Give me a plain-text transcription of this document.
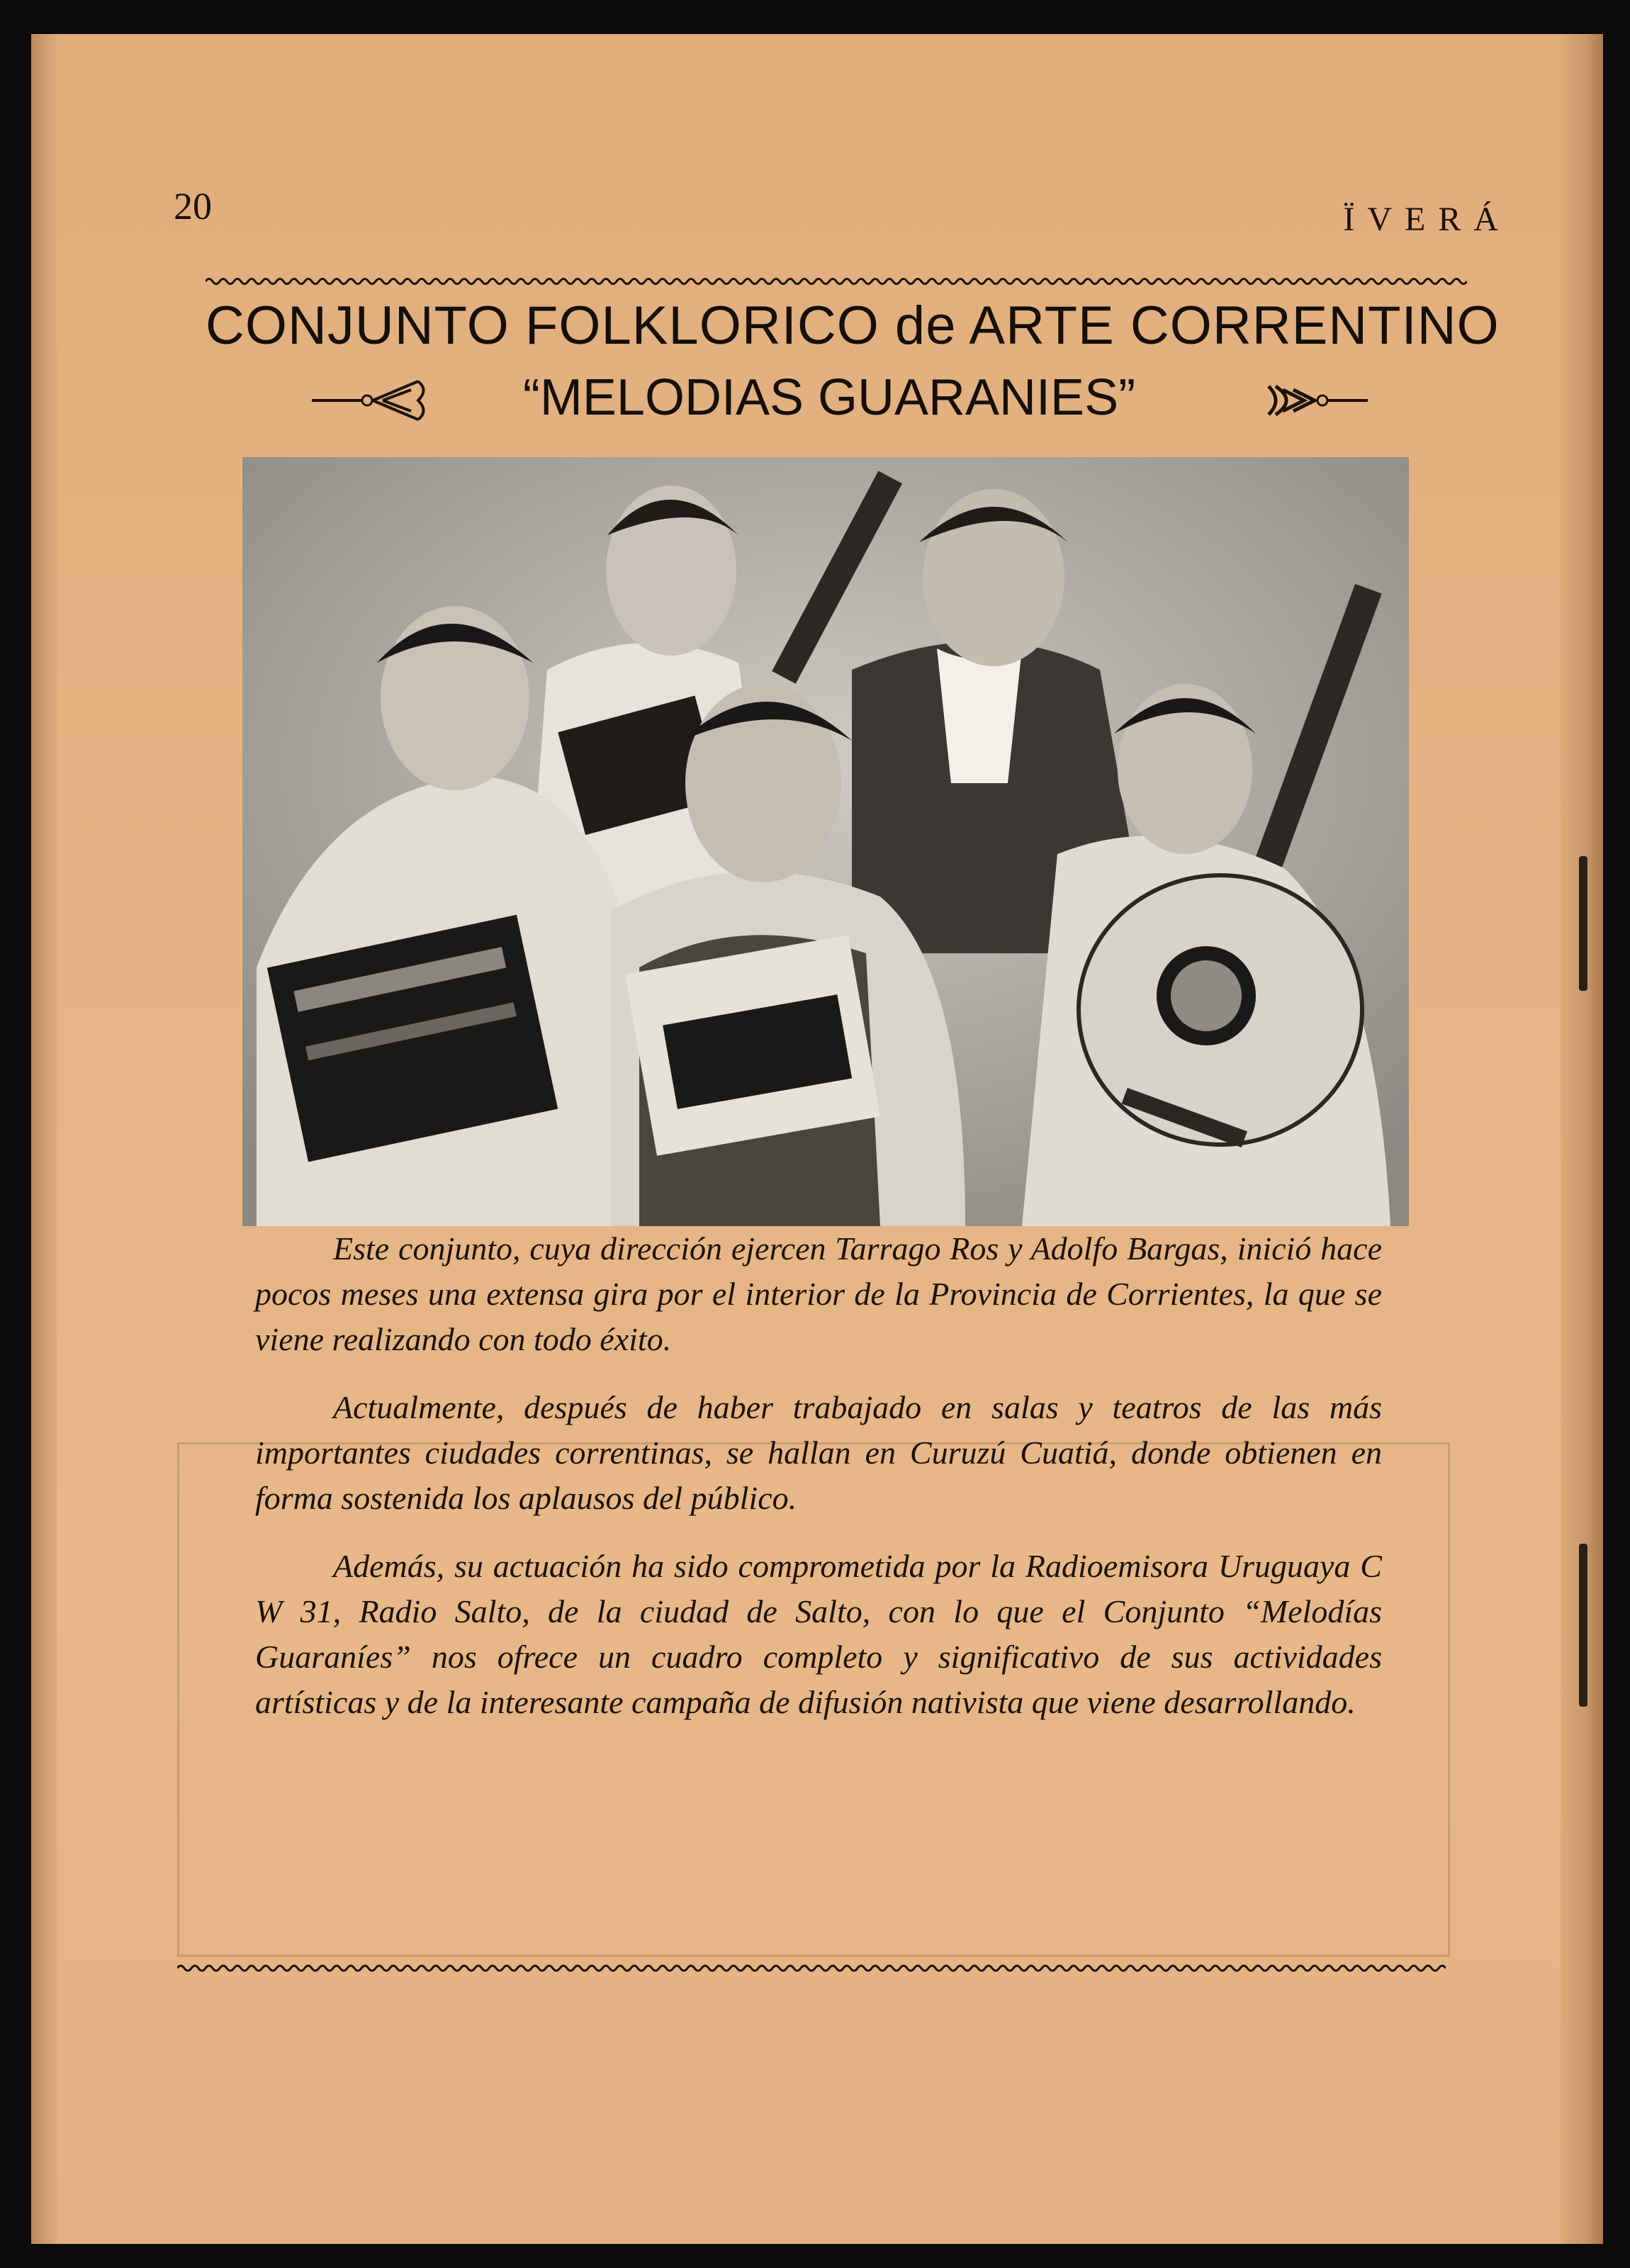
20	ÏVERÁ
CONJUNTO FOLKLORICO de ARTE CORRENTINO
“MELODIAS GUARANIES”

Este conjunto, cuya dirección ejercen Tarrago Ros y Adolfo Bargas, inició hace pocos meses una extensa gira por el interior de la Provincia de Corrientes, la que se viene realizando con todo éxito.

Actualmente, después de haber trabajado en salas y teatros de las más importantes ciudades correntinas, se hallan en Curuzú Cuatiá, donde obtienen en forma sostenida los aplausos del público.

Además, su actuación ha sido comprometida por la Radioemisora Uruguaya C W 31, Radio Salto, de la ciudad de Salto, con lo que el Conjunto “Melodías Guaraníes” nos ofrece un cuadro completo y significativo de sus actividades artísticas y de la interesante campaña de difusión nativista que viene desarrollando.
